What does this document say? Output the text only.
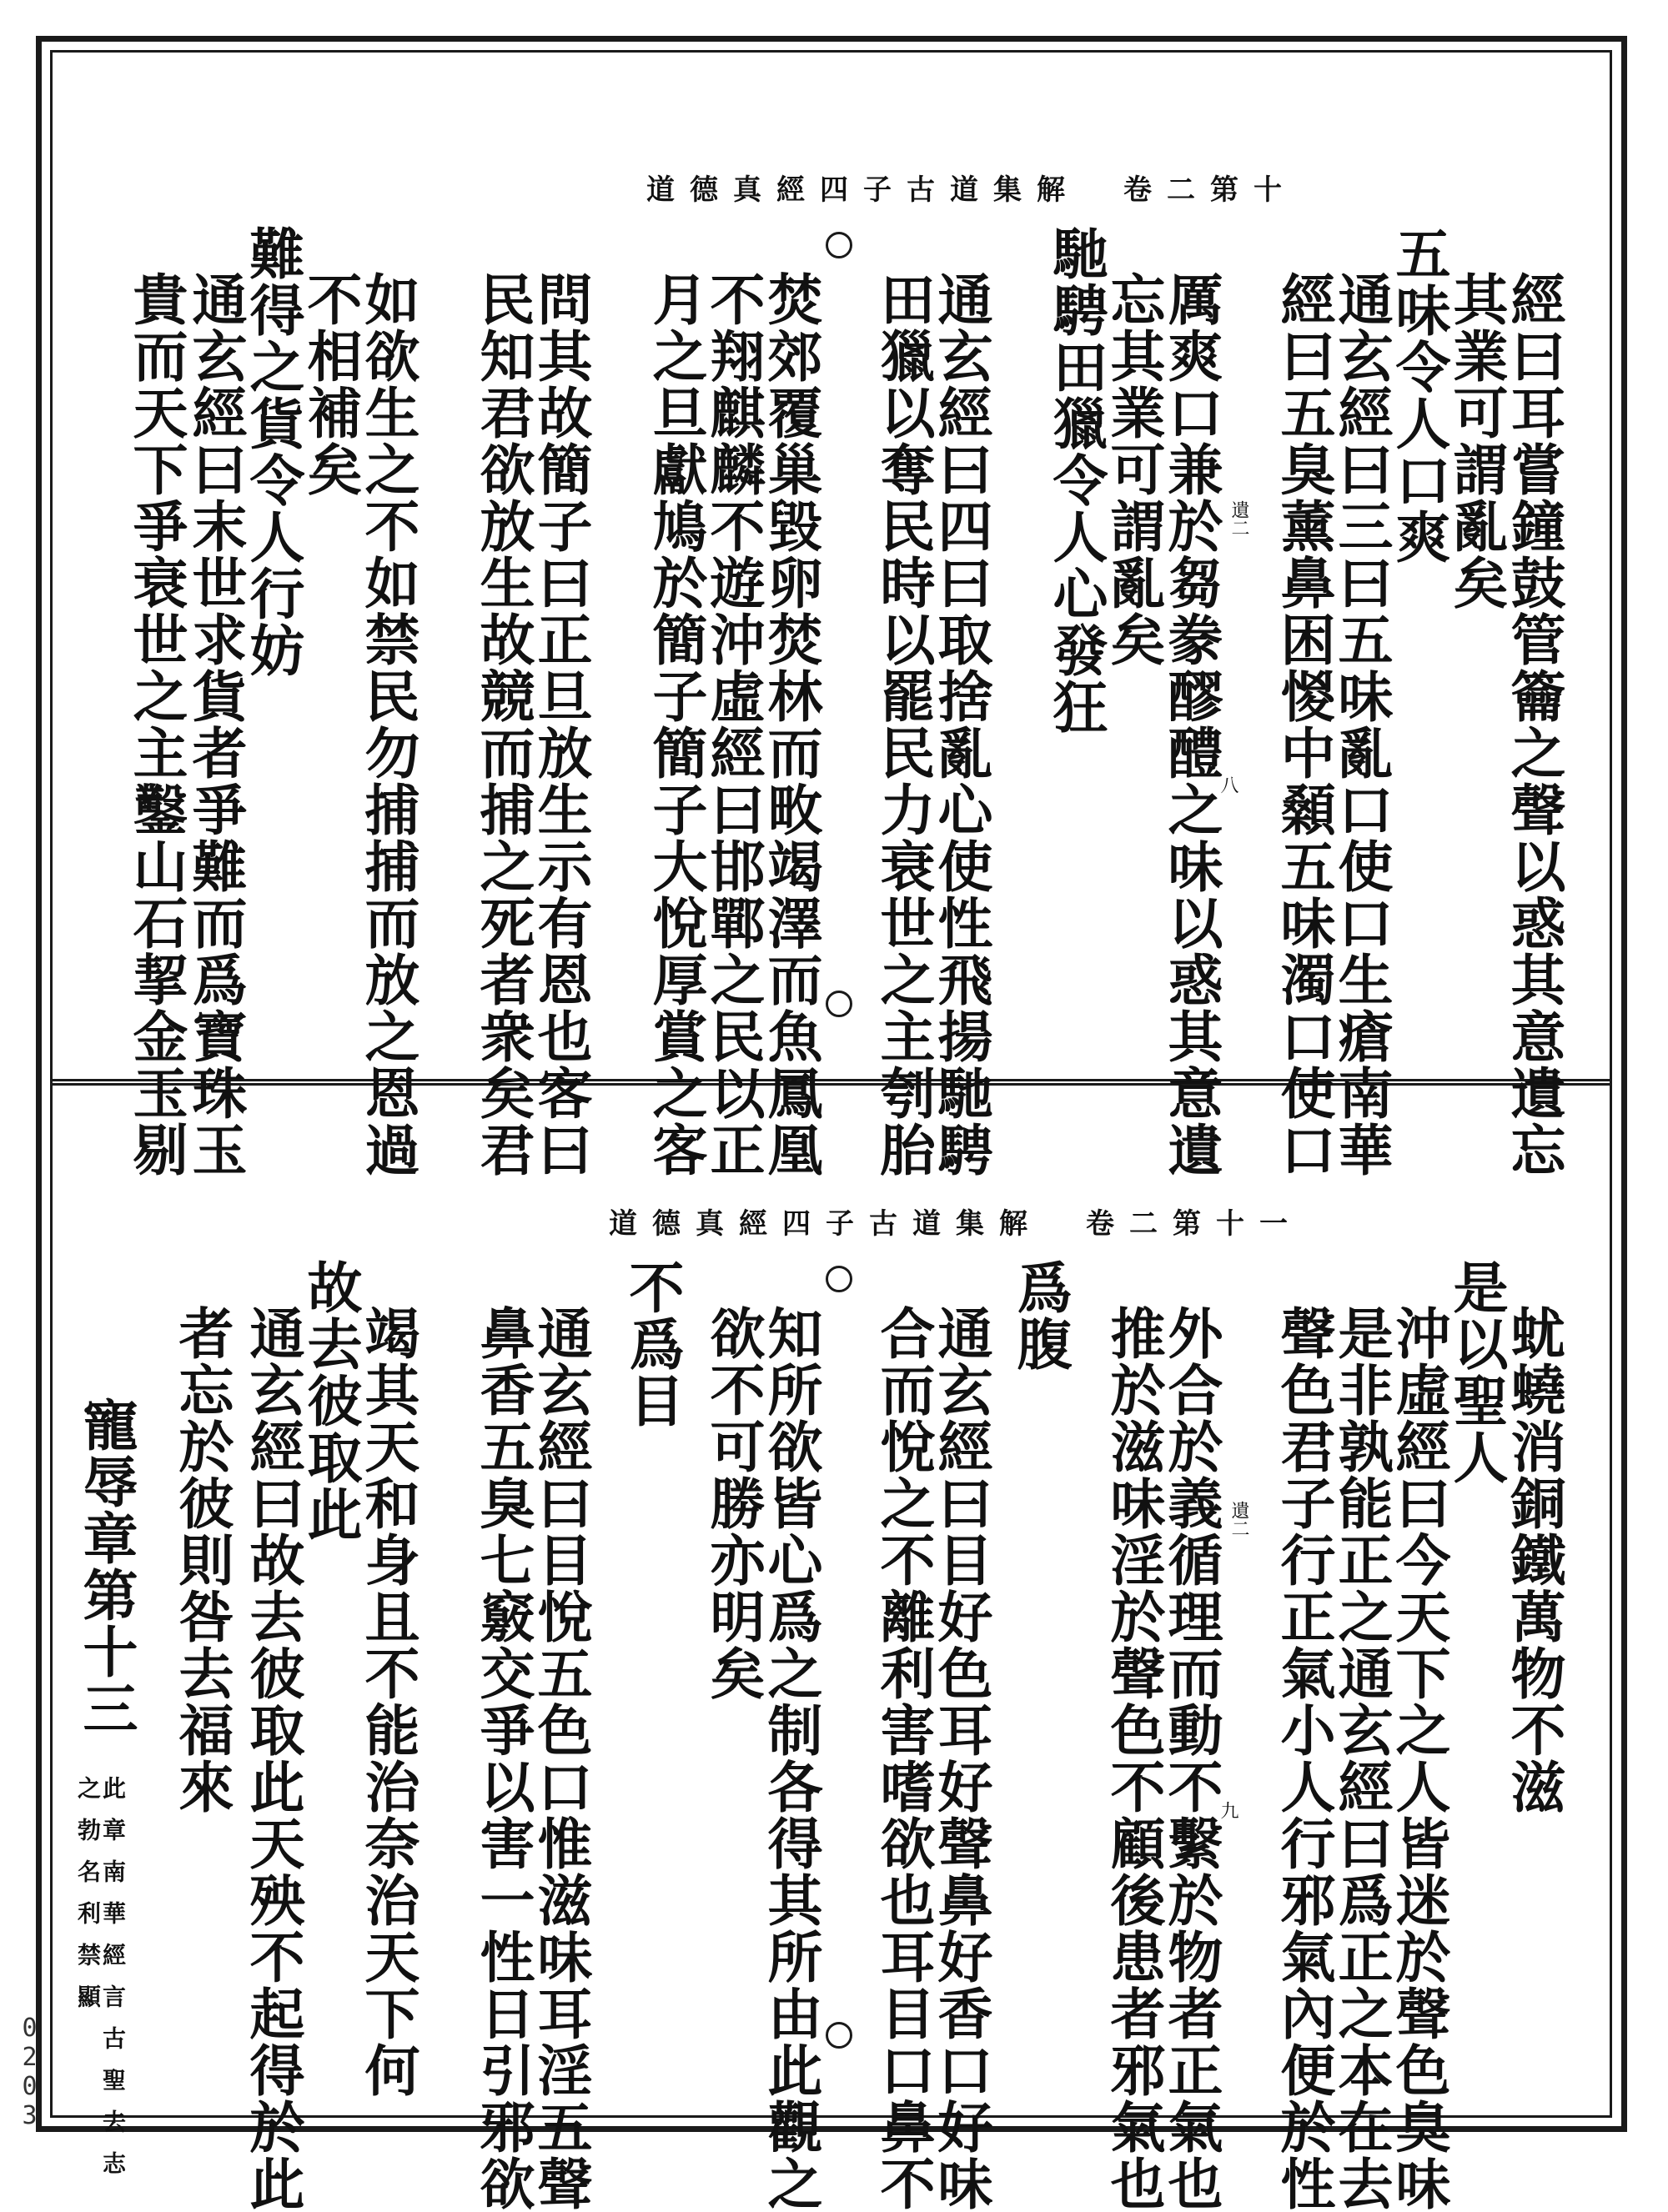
道德真經四子古道集解　卷二第十
經曰耳嘗鐘鼓管籥之聲以惑其意遺忘
其業可謂亂矣
五味令人口爽
通玄經曰三曰五味亂口使口生瘡南華
經曰五臭薰鼻困惾中顙五味濁口使口
厲爽口兼於芻豢醪醴之味以惑其意遺
忘其業可謂亂矣
馳騁田獵令人心發狂
通玄經曰四曰取捨亂心使性飛揚馳騁
田獵以奪民時以罷民力衰世之主刳胎
焚郊覆巢毀卵焚林而畋竭澤而魚鳳凰
不翔麒麟不遊沖虛經曰邯鄲之民以正
月之旦獻鳩於簡子簡子大悅厚賞之客
問其故簡子曰正旦放生示有恩也客曰
民知君欲放生故競而捕之死者衆矣君
如欲生之不如禁民勿捕捕而放之恩過
不相補矣
難得之貨令人行妨
通玄經曰末世求貨者爭難而爲寶珠玉
貴而天下爭衰世之主鑿山石挈金玉剔	遺二
八
道德真經四子古道集解　卷二第十一
蚘蟯消銅鐵萬物不滋
是以聖人
沖虛經曰今天下之人皆迷於聲色臭味
是非孰能正之通玄經曰爲正之本在去
聲色君子行正氣小人行邪氣內便於性
外合於義循理而動不繫於物者正氣也
推於滋味淫於聲色不顧後患者邪氣也
爲腹
通玄經曰目好色耳好聲鼻好香口好味
合而悅之不離利害嗜欲也耳目口鼻不
知所欲皆心爲之制各得其所由此觀之
欲不可勝亦明矣
不爲目
通玄經曰目悅五色口惟滋味耳淫五聲
鼻香五臭七竅交爭以害一性日引邪欲
竭其天和身且不能治奈治天下何
故去彼取此
通玄經曰故去彼取此天殃不起得於此
者忘於彼則咎去福來
寵辱章第十三
此章南華經言古聖去志之勃名利禁顯
遺二
九
0203
